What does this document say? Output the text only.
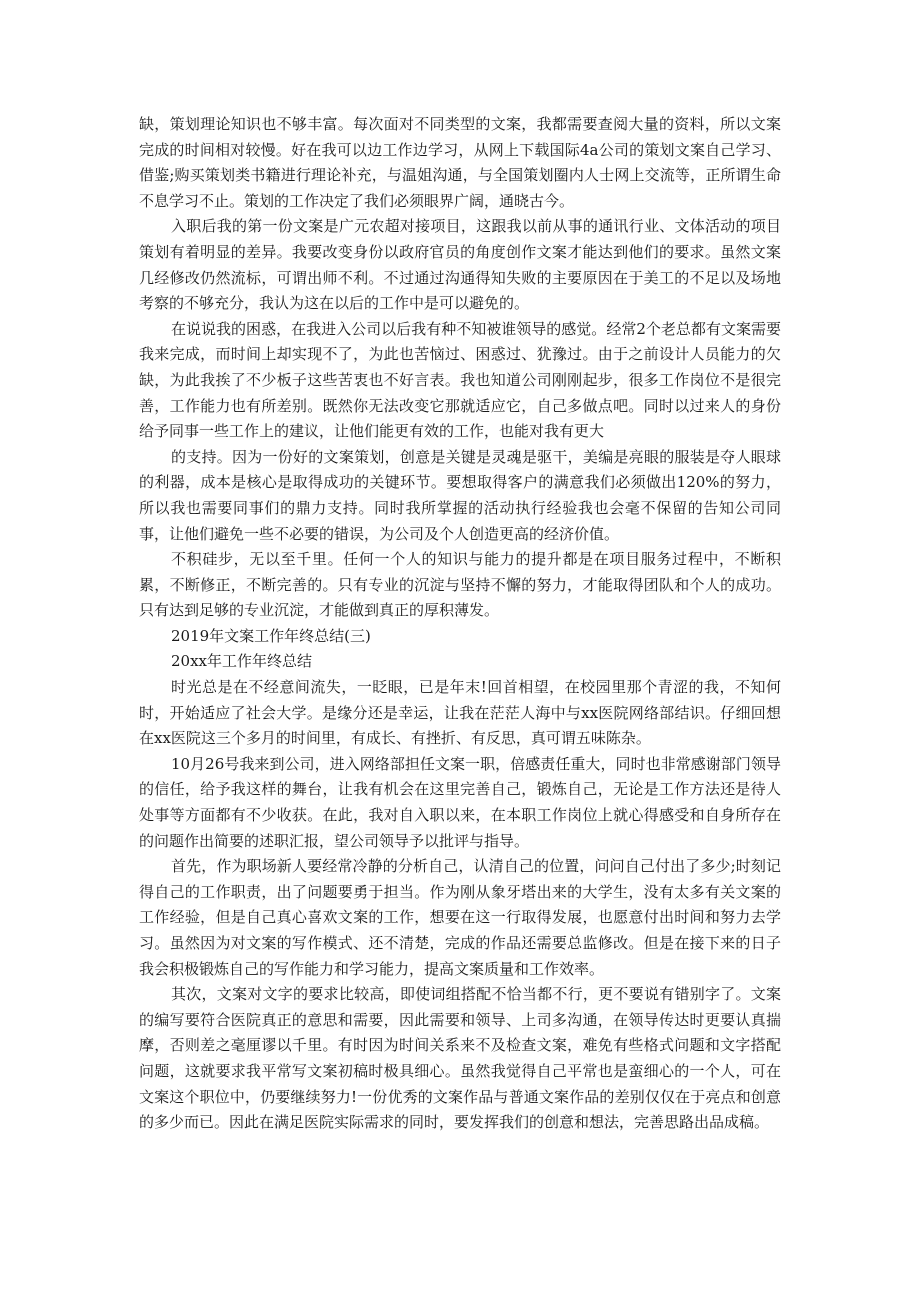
缺，策划理论知识也不够丰富。每次面对不同类型的文案，我都需要查阅大量的资料，所以文案完成的时间相对较慢。好在我可以边工作边学习，从网上下载国际4a公司的策划文案自己学习、借鉴;购买策划类书籍进行理论补充，与温姐沟通，与全国策划圈内人士网上交流等，正所谓生命不息学习不止。策划的工作决定了我们必须眼界广阔，通晓古今。

入职后我的第一份文案是广元农超对接项目，这跟我以前从事的通讯行业、文体活动的项目策划有着明显的差异。我要改变身份以政府官员的角度创作文案才能达到他们的要求。虽然文案几经修改仍然流标，可谓出师不利。不过通过沟通得知失败的主要原因在于美工的不足以及场地考察的不够充分，我认为这在以后的工作中是可以避免的。

在说说我的困惑，在我进入公司以后我有种不知被谁领导的感觉。经常2个老总都有文案需要我来完成，而时间上却实现不了，为此也苦恼过、困惑过、犹豫过。由于之前设计人员能力的欠缺，为此我挨了不少板子这些苦衷也不好言表。我也知道公司刚刚起步，很多工作岗位不是很完善，工作能力也有所差别。既然你无法改变它那就适应它，自己多做点吧。同时以过来人的身份给予同事一些工作上的建议，让他们能更有效的工作，也能对我有更大

的支持。因为一份好的文案策划，创意是关键是灵魂是驱干，美编是亮眼的服装是夺人眼球的利器，成本是核心是取得成功的关键环节。要想取得客户的满意我们必须做出120%的努力，所以我也需要同事们的鼎力支持。同时我所掌握的活动执行经验我也会毫不保留的告知公司同事，让他们避免一些不必要的错误，为公司及个人创造更高的经济价值。

不积硅步，无以至千里。任何一个人的知识与能力的提升都是在项目服务过程中，不断积累，不断修正，不断完善的。只有专业的沉淀与坚持不懈的努力，才能取得团队和个人的成功。只有达到足够的专业沉淀，才能做到真正的厚积薄发。

2019年文案工作年终总结(三)
20xx年工作年终总结

时光总是在不经意间流失，一眨眼，已是年末!回首相望，在校园里那个青涩的我，不知何时，开始适应了社会大学。是缘分还是幸运，让我在茫茫人海中与xx医院网络部结识。仔细回想在xx医院这三个多月的时间里，有成长、有挫折、有反思，真可谓五味陈杂。

10月26号我来到公司，进入网络部担任文案一职，倍感责任重大，同时也非常感谢部门领导的信任，给予我这样的舞台，让我有机会在这里完善自己，锻炼自己，无论是工作方法还是待人处事等方面都有不少收获。在此，我对自入职以来，在本职工作岗位上就心得感受和自身所存在的问题作出简要的述职汇报，望公司领导予以批评与指导。

首先，作为职场新人要经常冷静的分析自己，认清自己的位置，问问自己付出了多少;时刻记得自己的工作职责，出了问题要勇于担当。作为刚从象牙塔出来的大学生，没有太多有关文案的工作经验，但是自己真心喜欢文案的工作，想要在这一行取得发展，也愿意付出时间和努力去学习。虽然因为对文案的写作模式、还不清楚，完成的作品还需要总监修改。但是在接下来的日子我会积极锻炼自己的写作能力和学习能力，提高文案质量和工作效率。

其次，文案对文字的要求比较高，即使词组搭配不恰当都不行，更不要说有错别字了。文案的编写要符合医院真正的意思和需要，因此需要和领导、上司多沟通，在领导传达时更要认真揣摩，否则差之毫厘谬以千里。有时因为时间关系来不及检查文案，难免有些格式问题和文字搭配问题，这就要求我平常写文案初稿时极具细心。虽然我觉得自己平常也是蛮细心的一个人，可在文案这个职位中，仍要继续努力!一份优秀的文案作品与普通文案作品的差别仅仅在于亮点和创意的多少而已。因此在满足医院实际需求的同时，要发挥我们的创意和想法，完善思路出品成稿。
